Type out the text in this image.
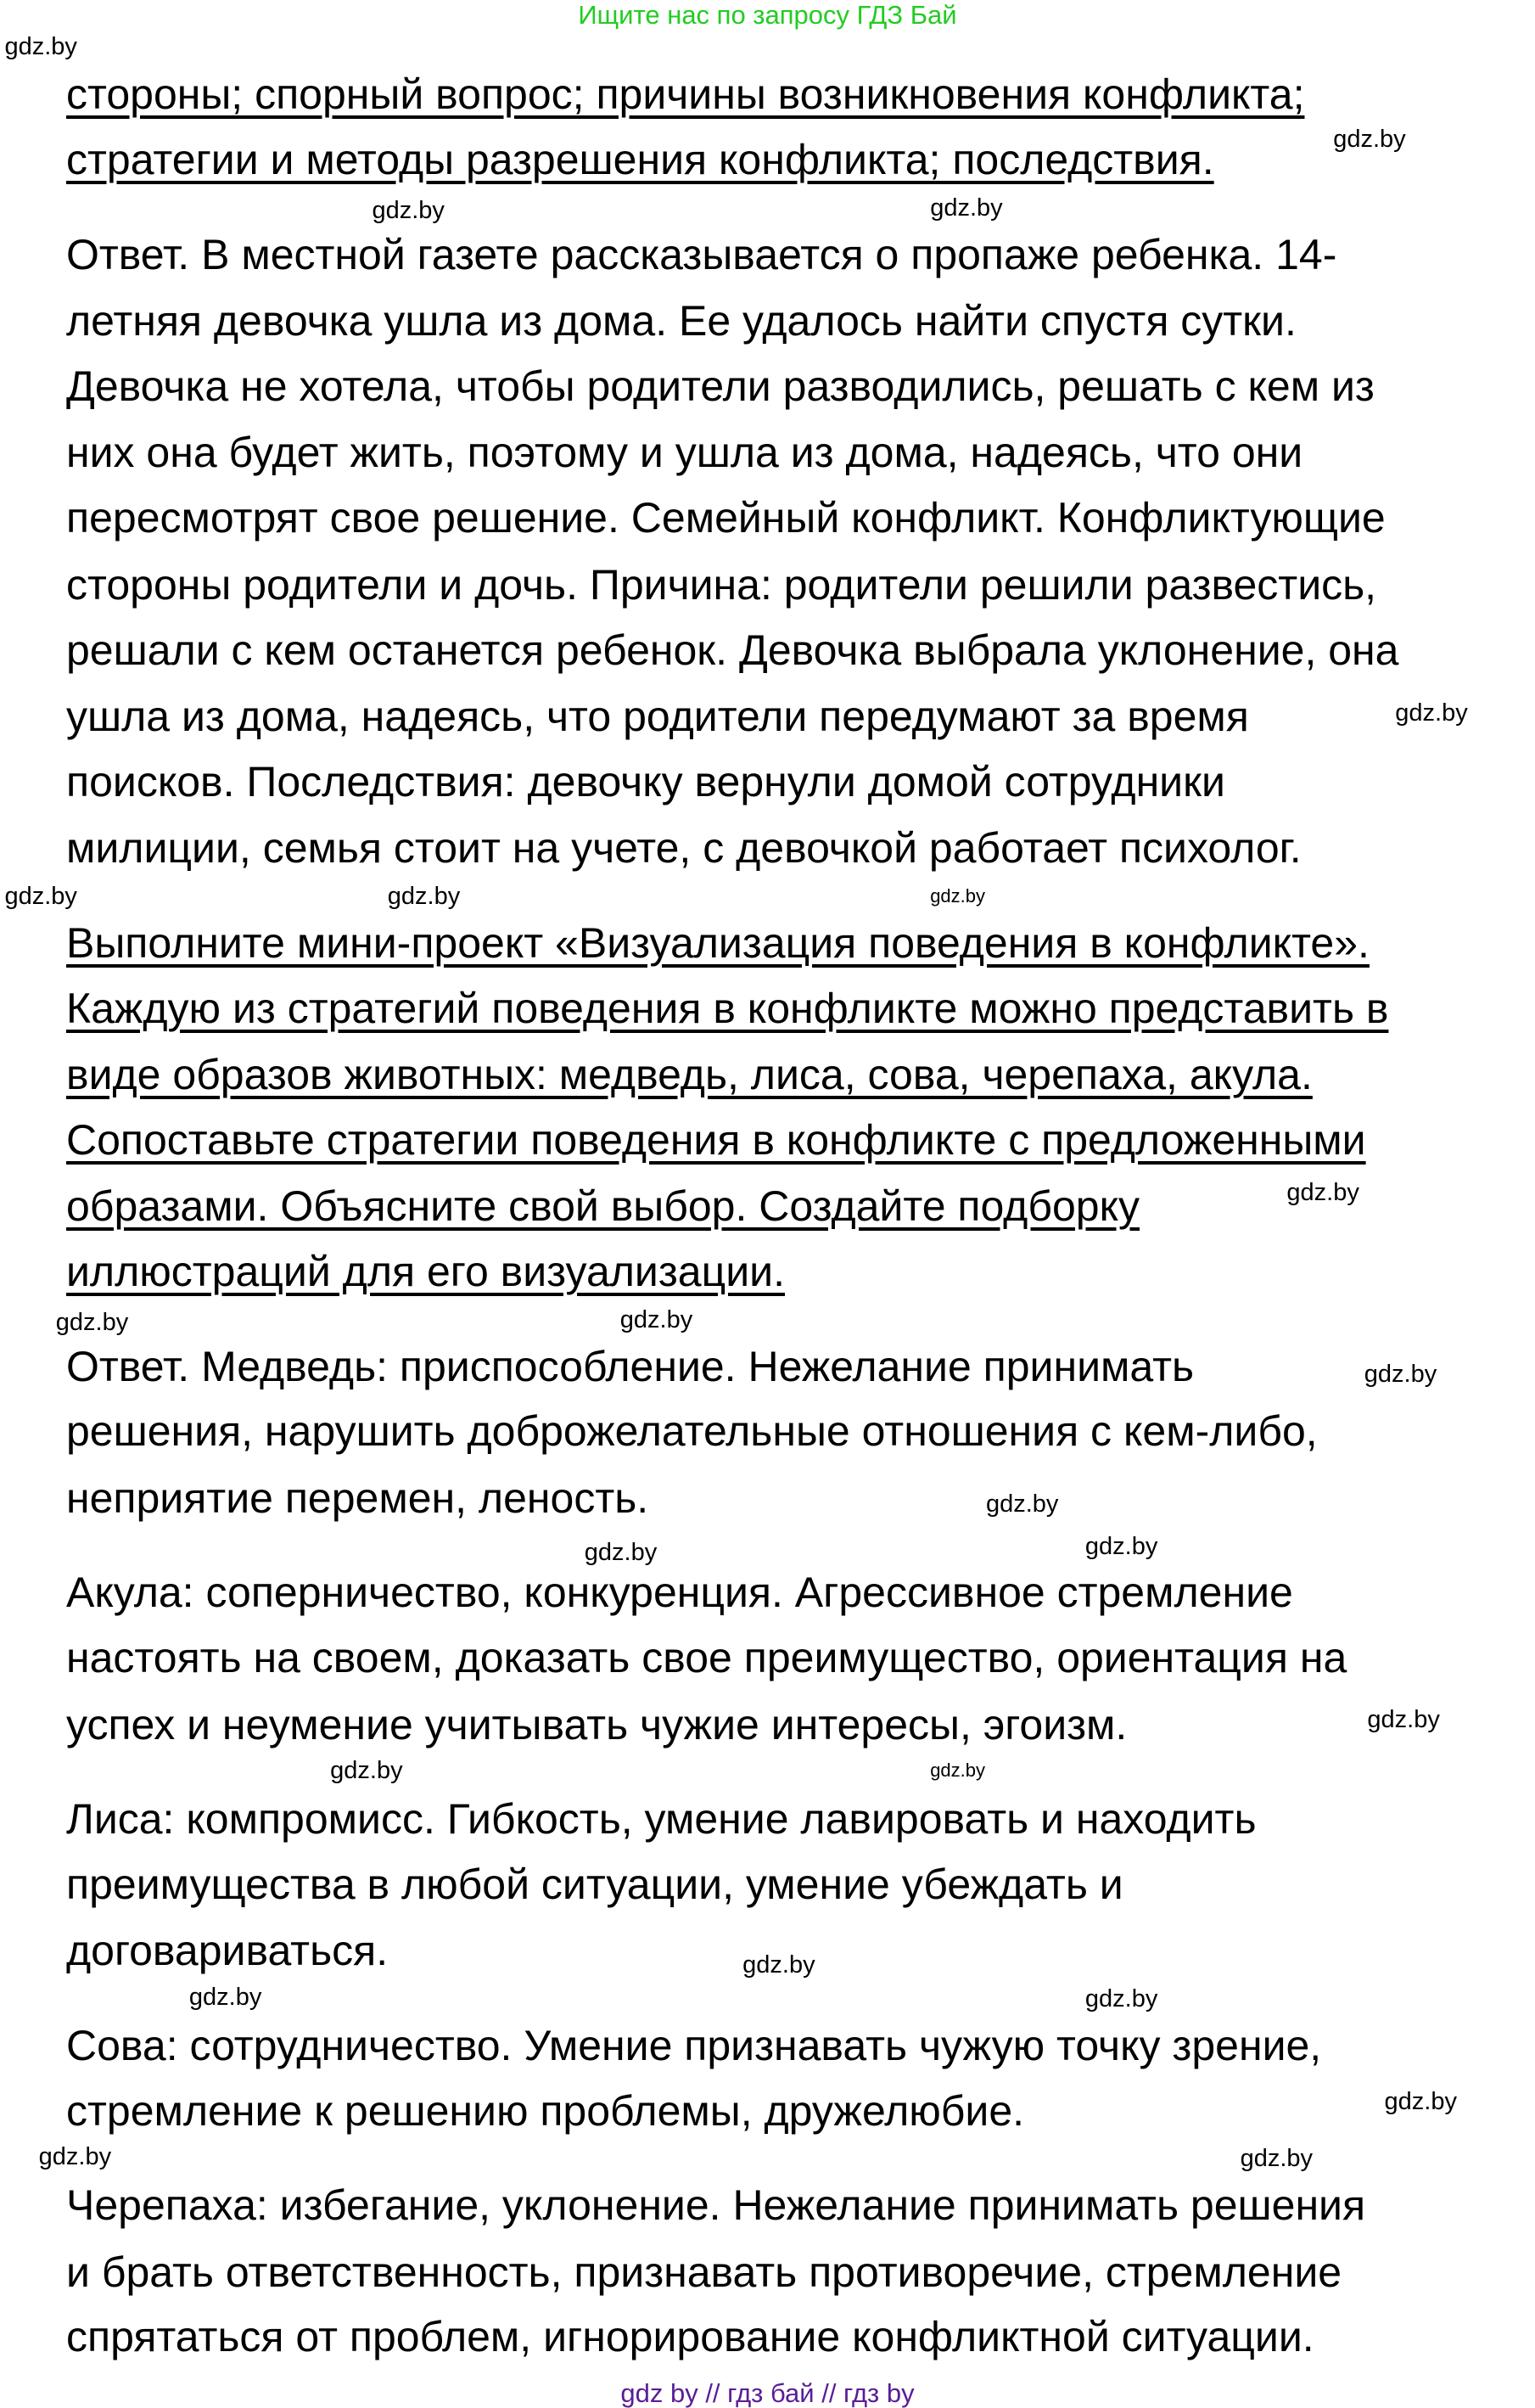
Ищите нас по запросу ГДЗ Бай
стороны; спорный вопрос; причины возникновения конфликта;
стратегии и методы разрешения конфликта; последствия.
Ответ. В местной газете рассказывается о пропаже ребенка. 14-
летняя девочка ушла из дома. Ее удалось найти спустя сутки.
Девочка не хотела, чтобы родители разводились, решать с кем из
них она будет жить, поэтому и ушла из дома, надеясь, что они
пересмотрят свое решение. Семейный конфликт. Конфликтующие
стороны родители и дочь. Причина: родители решили развестись,
решали с кем останется ребенок. Девочка выбрала уклонение, она
ушла из дома, надеясь, что родители передумают за время
поисков. Последствия: девочку вернули домой сотрудники
милиции, семья стоит на учете, с девочкой работает психолог.
Выполните мини-проект «Визуализация поведения в конфликте».
Каждую из стратегий поведения в конфликте можно представить в
виде образов животных: медведь, лиса, сова, черепаха, акула.
Сопоставьте стратегии поведения в конфликте с предложенными
образами. Объясните свой выбор. Создайте подборку
иллюстраций для его визуализации.
Ответ. Медведь: приспособление. Нежелание принимать
решения, нарушить доброжелательные отношения с кем-либо,
неприятие перемен, леность.
Акула: соперничество, конкуренция. Агрессивное стремление
настоять на своем, доказать свое преимущество, ориентация на
успех и неумение учитывать чужие интересы, эгоизм.
Лиса: компромисс. Гибкость, умение лавировать и находить
преимущества в любой ситуации, умение убеждать и
договариваться.
Сова: сотрудничество. Умение признавать чужую точку зрение,
стремление к решению проблемы, дружелюбие.
Черепаха: избегание, уклонение. Нежелание принимать решения
и брать ответственность, признавать противоречие, стремление
спрятаться от проблем, игнорирование конфликтной ситуации.
gdz.by
gdz.by
gdz.by
gdz.by
gdz.by
gdz.by
gdz.by
gdz.by
gdz.by
gdz.by
gdz.by
gdz.by
gdz.by
gdz.by
gdz.by
gdz.by
gdz.by
gdz.by
gdz.by
gdz.by
gdz.by
gdz.by
gdz.by
gdz.by
gdz by // гдз бай // гдз by
